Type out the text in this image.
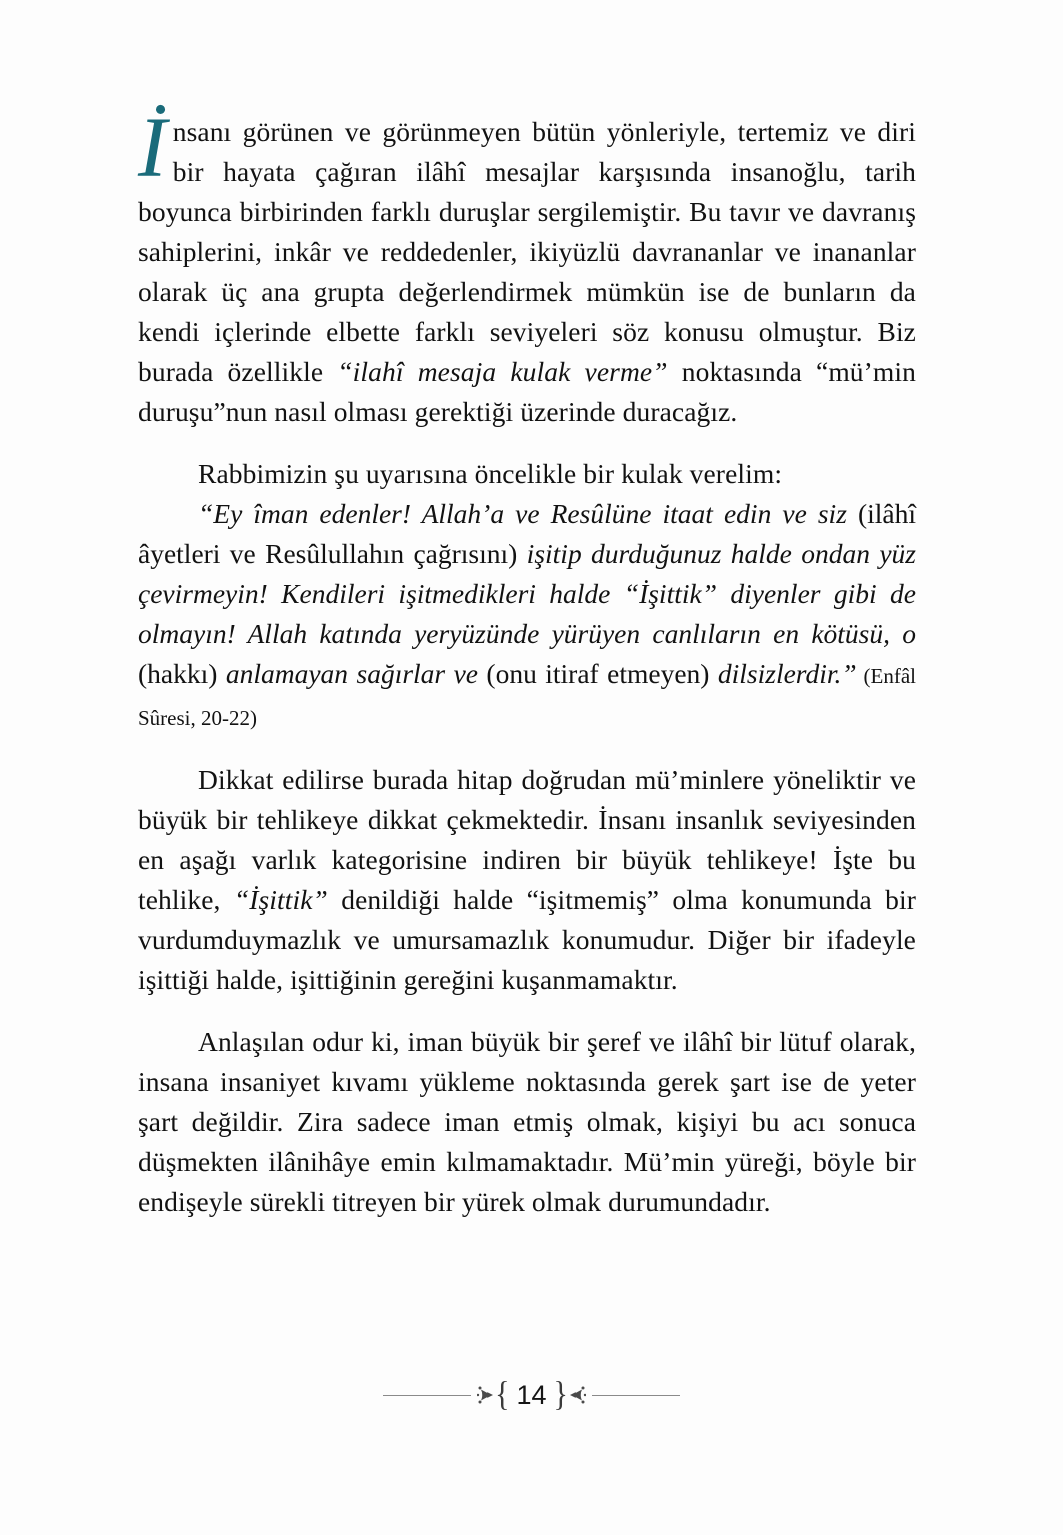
İnsanı görünen ve görünmeyen bütün yönleriyle, tertemiz ve diri bir hayata çağıran ilâhî mesajlar karşısında insanoğlu, tarih boyunca birbirinden farklı duruşlar sergilemiştir. Bu tavır ve davranış sahiplerini, inkâr ve reddedenler, ikiyüzlü davrananlar ve inananlar olarak üç ana grupta değerlendirmek mümkün ise de bunların da kendi içlerinde elbette farklı seviyeleri söz konusu olmuştur. Biz burada özellikle “ilahî mesaja kulak verme” noktasında “mü’min duruşu”nun nasıl olması gerektiği üzerinde duracağız.

Rabbimizin şu uyarısına öncelikle bir kulak verelim:

“Ey îman edenler! Allah’a ve Resûlüne itaat edin ve siz (ilâhî âyetleri ve Resûlullahın çağrısını) işitip durduğunuz halde ondan yüz çevirmeyin! Kendileri işitmedikleri halde “İşittik” diyenler gibi de olmayın! Allah katında yeryüzünde yürüyen canlıların en kötüsü, o (hakkı) anlamayan sağırlar ve (onu itiraf etmeyen) dilsizlerdir.” (Enfâl Sûresi, 20-22)

Dikkat edilirse burada hitap doğrudan mü’minlere yöneliktir ve büyük bir tehlikeye dikkat çekmektedir. İnsanı insanlık seviyesinden en aşağı varlık kategorisine indiren bir büyük tehlikeye! İşte bu tehlike, “İşittik” denildiği halde “işitmemiş” olma konumunda bir vurdumduymazlık ve umursamazlık konumudur. Diğer bir ifadeyle işittiği halde, işittiğinin gereğini kuşanmamaktır.

Anlaşılan odur ki, iman büyük bir şeref ve ilâhî bir lütuf olarak, insana insaniyet kıvamı yükleme noktasında gerek şart ise de yeter şart değildir. Zira sadece iman etmiş olmak, kişiyi bu acı sonuca düşmekten ilânihâye emin kılmamaktadır. Mü’min yüreği, böyle bir endişeyle sürekli titreyen bir yürek olmak durumundadır.

{ 14 }
